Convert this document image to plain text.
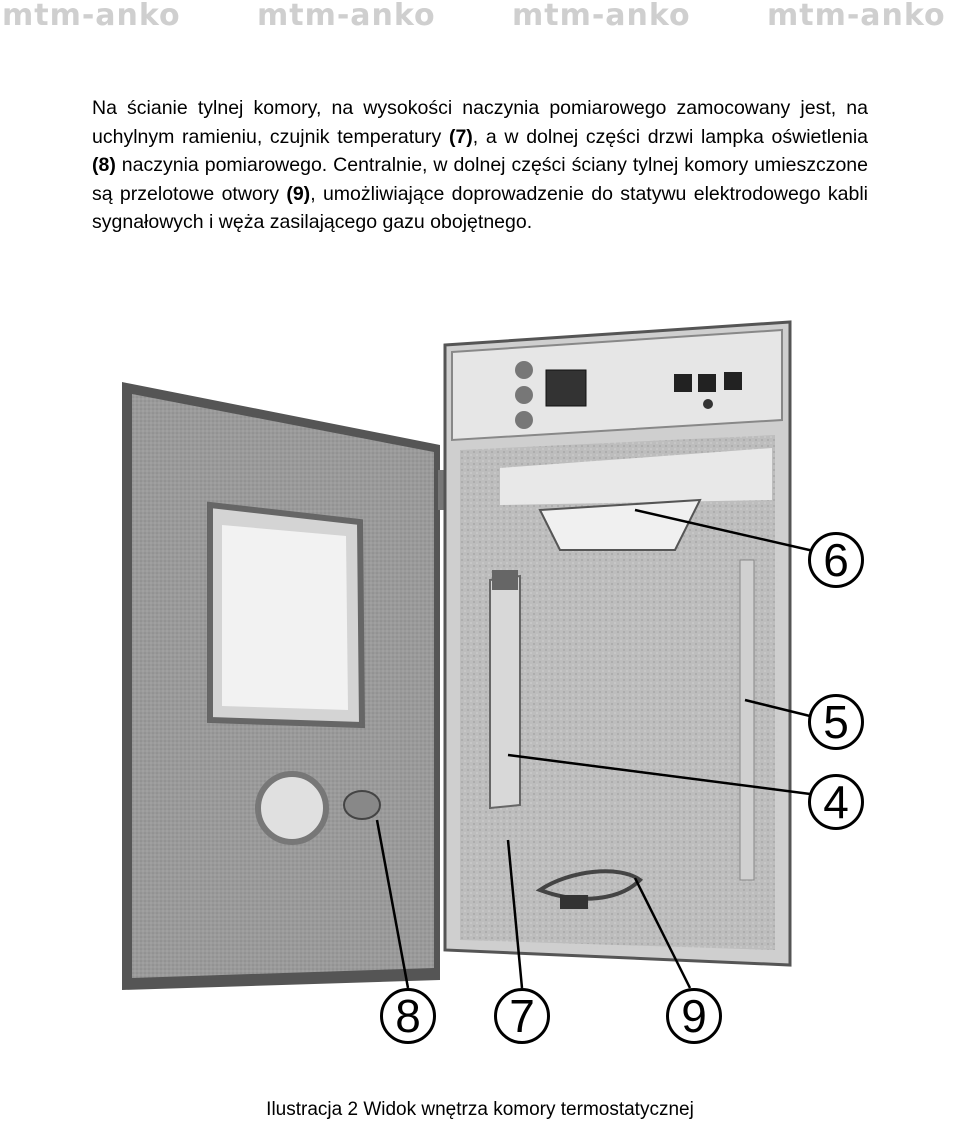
mtm-anko	mtm-anko	mtm-anko	mtm-anko

Na ścianie tylnej komory, na wysokości naczynia pomiarowego zamocowany jest, na uchylnym ramieniu, czujnik temperatury (7), a w dolnej części drzwi lampka oświetlenia (8) naczynia pomiarowego. Centralnie, w dolnej części ściany tylnej komory umieszczone są przelotowe otwory (9), umożliwiające doprowadzenie do statywu elektrodowego kabli sygnałowych i węża zasilającego gazu obojętnego.

6
5
4
8 7	9
Ilustracja 2 Widok wnętrza komory termostatycznej
